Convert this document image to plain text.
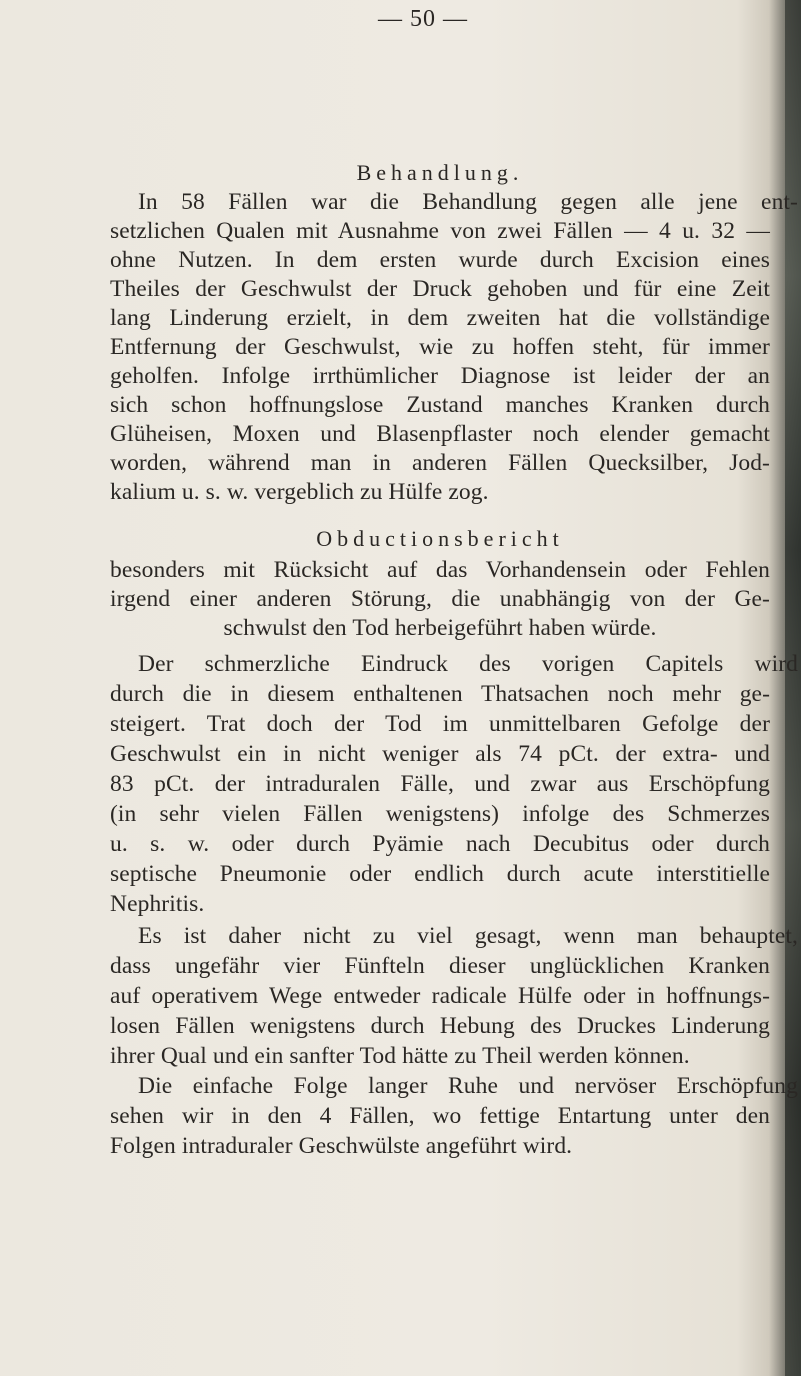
— 50 —
Behandlung.
In 58 Fällen war die Behandlung gegen alle jene ent-
setzlichen Qualen mit Ausnahme von zwei Fällen — 4 u. 32 —
ohne Nutzen. In dem ersten wurde durch Excision eines
Theiles der Geschwulst der Druck gehoben und für eine Zeit
lang Linderung erzielt, in dem zweiten hat die vollständige
Entfernung der Geschwulst, wie zu hoffen steht, für immer
geholfen. Infolge irrthümlicher Diagnose ist leider der an
sich schon hoffnungslose Zustand manches Kranken durch
Glüheisen, Moxen und Blasenpflaster noch elender gemacht
worden, während man in anderen Fällen Quecksilber, Jod-
kalium u. s. w. vergeblich zu Hülfe zog.
Obductionsbericht
besonders mit Rücksicht auf das Vorhandensein oder Fehlen
irgend einer anderen Störung, die unabhängig von der Ge-
schwulst den Tod herbeigeführt haben würde.
Der schmerzliche Eindruck des vorigen Capitels wird
durch die in diesem enthaltenen Thatsachen noch mehr ge-
steigert. Trat doch der Tod im unmittelbaren Gefolge der
Geschwulst ein in nicht weniger als 74 pCt. der extra- und
83 pCt. der intraduralen Fälle, und zwar aus Erschöpfung
(in sehr vielen Fällen wenigstens) infolge des Schmerzes
u. s. w. oder durch Pyämie nach Decubitus oder durch
septische Pneumonie oder endlich durch acute interstitielle
Nephritis.
Es ist daher nicht zu viel gesagt, wenn man behauptet,
dass ungefähr vier Fünfteln dieser unglücklichen Kranken
auf operativem Wege entweder radicale Hülfe oder in hoffnungs-
losen Fällen wenigstens durch Hebung des Druckes Linderung
ihrer Qual und ein sanfter Tod hätte zu Theil werden können.
Die einfache Folge langer Ruhe und nervöser Erschöpfung
sehen wir in den 4 Fällen, wo fettige Entartung unter den
Folgen intraduraler Geschwülste angeführt wird.
